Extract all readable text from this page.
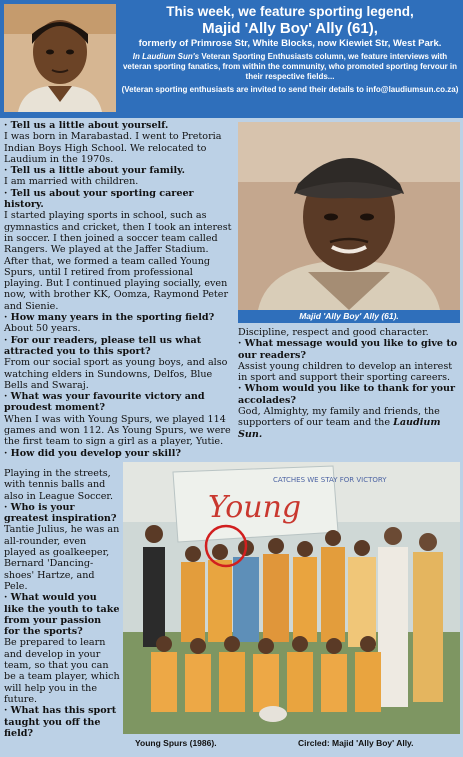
This week, we feature sporting legend,
Majid 'Ally Boy' Ally (61),
formerly of Primrose Str, White Blocks, now Kiewiet Str, West Park.
In Laudium Sun's Veteran Sporting Enthusiasts column, we feature interviews with veteran sporting fanatics, from within the community, who promoted sporting fervour in their respective fields...
(Veteran sporting enthusiasts are invited to send their details to info@laudiumsun.co.za)

· Tell us a little about yourself.

I was born in Marabastad. I went to Pretoria Indian Boys High School. We relocated to Laudium in the 1970s.

· Tell us a little about your family.

I am married with children.

· Tell us about your sporting career history.

I started playing sports in school, such as gymnastics and cricket, then I took an interest in soccer. I then joined a soccer team called Rangers. We played at the Jaffer Stadium. After that, we formed a team called Young Spurs, until I retired from professional playing. But I continued playing socially, even now, with brother KK, Oomza, Raymond Peter and Sienie.

· How many years in the sporting field?

About 50 years.

· For our readers, please tell us what attracted you to this sport?

From our social sport as young boys, and also watching elders in Sundowns, Delfos, Blue Bells and Swaraj.

· What was your favourite victory and proudest moment?

When I was with Young Spurs, we played 114 games and won 112. As Young Spurs, we were the first team to sign a girl as a player, Yutie.

· How did you develop your skill?

Majid 'Ally Boy' Ally (61).

Discipline, respect and good character.

· What message would you like to give to our readers?

Assist young children to develop an interest in sport and support their sporting careers.

· Whom would you like to thank for your accolades?

God, Almighty, my family and friends, the supporters of our team and the Laudium Sun.

Playing in the streets, with tennis balls and also in League Soccer.

· Who is your greatest inspiration?

Tantie Julius, he was an all-rounder, even played as goalkeeper, Bernard 'Dancing-shoes' Hartze, and Pele.

· What would you like the youth to take from your passion for the sports?

Be prepared to learn and develop in your team, so that you can be a team player, which will help you in the future.

· What has this sport taught you off the field?

Young
CATCHES WE STAY FOR VICTORY
Young Spurs (1986).	Circled: Majid 'Ally Boy' Ally.
